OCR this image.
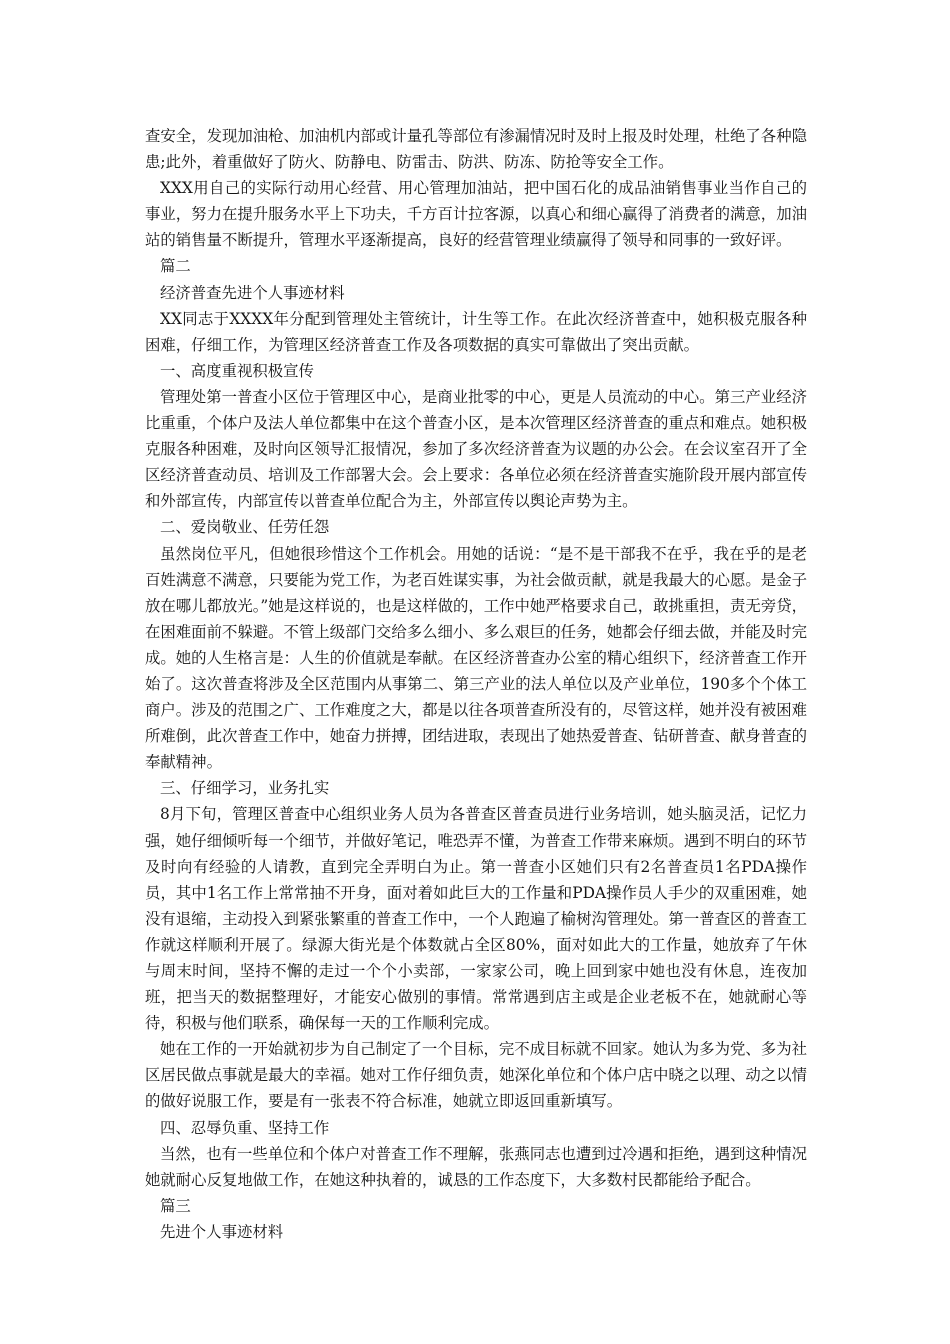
查安全，发现加油枪、加油机内部或计量孔等部位有渗漏情况时及时上报及时处理，杜绝了各种隐患;此外，着重做好了防火、防静电、防雷击、防洪、防冻、防抢等安全工作。

XXX用自己的实际行动用心经营、用心管理加油站，把中国石化的成品油销售事业当作自己的事业，努力在提升服务水平上下功夫，千方百计拉客源，以真心和细心赢得了消费者的满意，加油站的销售量不断提升，管理水平逐渐提高，良好的经营管理业绩赢得了领导和同事的一致好评。

篇二

经济普查先进个人事迹材料

XX同志于XXXX年分配到管理处主管统计，计生等工作。在此次经济普查中，她积极克服各种困难，仔细工作，为管理区经济普查工作及各项数据的真实可靠做出了突出贡献。

一、高度重视积极宣传

管理处第一普查小区位于管理区中心，是商业批零的中心，更是人员流动的中心。第三产业经济比重重，个体户及法人单位都集中在这个普查小区，是本次管理区经济普查的重点和难点。她积极克服各种困难，及时向区领导汇报情况，参加了多次经济普查为议题的办公会。在会议室召开了全区经济普查动员、培训及工作部署大会。会上要求：各单位必须在经济普查实施阶段开展内部宣传和外部宣传，内部宣传以普查单位配合为主，外部宣传以舆论声势为主。

二、爱岗敬业、任劳任怨

虽然岗位平凡，但她很珍惜这个工作机会。用她的话说：“是不是干部我不在乎，我在乎的是老百姓满意不满意，只要能为党工作，为老百姓谋实事，为社会做贡献，就是我最大的心愿。是金子放在哪儿都放光。”她是这样说的，也是这样做的，工作中她严格要求自己，敢挑重担，责无旁贷，在困难面前不躲避。不管上级部门交给多么细小、多么艰巨的任务，她都会仔细去做，并能及时完成。她的人生格言是：人生的价值就是奉献。在区经济普查办公室的精心组织下，经济普查工作开始了。这次普查将涉及全区范围内从事第二、第三产业的法人单位以及产业单位，190多个个体工商户。涉及的范围之广、工作难度之大，都是以往各项普查所没有的，尽管这样，她并没有被困难所难倒，此次普查工作中，她奋力拼搏，团结进取，表现出了她热爱普查、钻研普查、献身普查的奉献精神。

三、仔细学习，业务扎实

8月下旬，管理区普查中心组织业务人员为各普查区普查员进行业务培训，她头脑灵活，记忆力强，她仔细倾听每一个细节，并做好笔记，唯恐弄不懂，为普查工作带来麻烦。遇到不明白的环节及时向有经验的人请教，直到完全弄明白为止。第一普查小区她们只有2名普查员1名PDA操作员，其中1名工作上常常抽不开身，面对着如此巨大的工作量和PDA操作员人手少的双重困难，她没有退缩，主动投入到紧张繁重的普查工作中，一个人跑遍了榆树沟管理处。第一普查区的普查工作就这样顺利开展了。绿源大街光是个体数就占全区80%，面对如此大的工作量，她放弃了午休与周末时间，坚持不懈的走过一个个小卖部，一家家公司，晚上回到家中她也没有休息，连夜加班，把当天的数据整理好，才能安心做别的事情。常常遇到店主或是企业老板不在，她就耐心等待，积极与他们联系，确保每一天的工作顺利完成。

她在工作的一开始就初步为自己制定了一个目标，完不成目标就不回家。她认为多为党、多为社区居民做点事就是最大的幸福。她对工作仔细负责，她深化单位和个体户店中晓之以理、动之以情的做好说服工作，要是有一张表不符合标准，她就立即返回重新填写。

四、忍辱负重、坚持工作

当然，也有一些单位和个体户对普查工作不理解，张燕同志也遭到过冷遇和拒绝，遇到这种情况她就耐心反复地做工作，在她这种执着的，诚恳的工作态度下，大多数村民都能给予配合。

篇三

先进个人事迹材料
